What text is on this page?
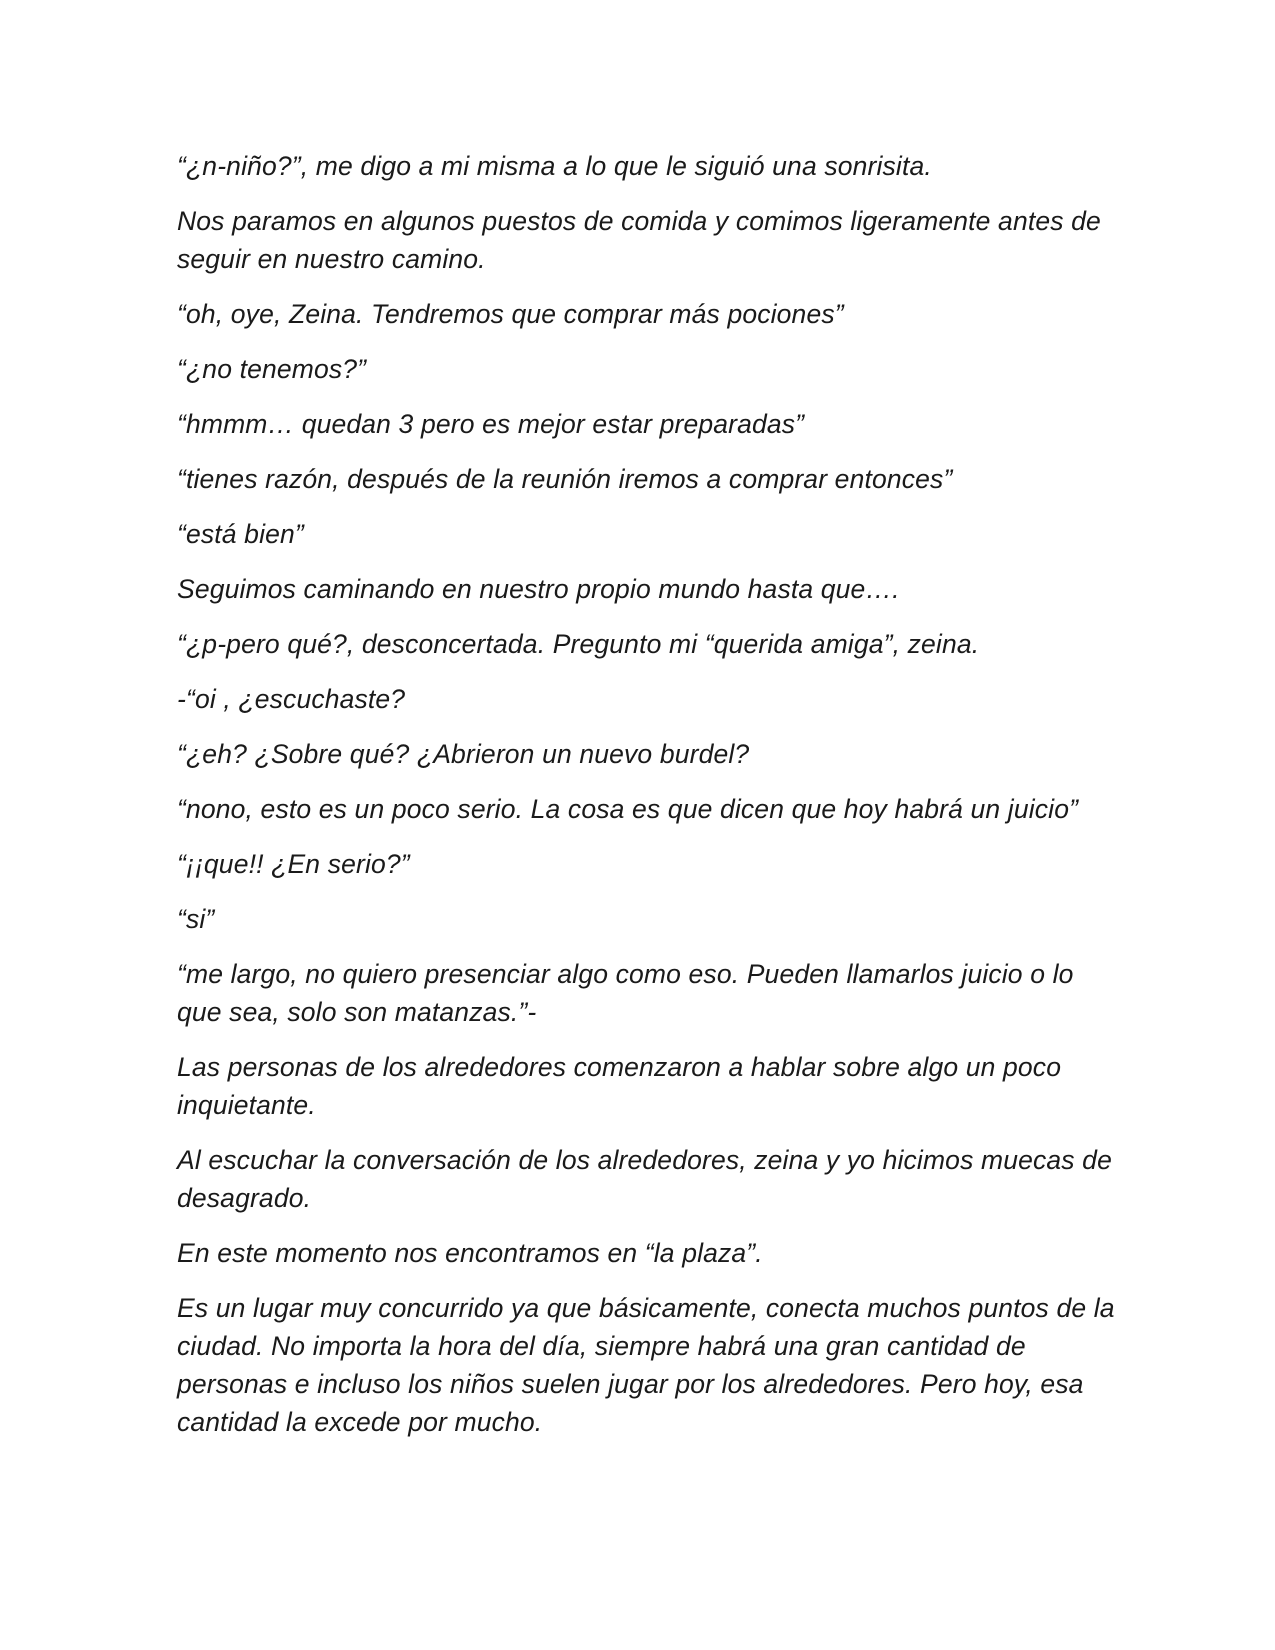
“¿n-niño?”, me digo a mi misma a lo que le siguió una sonrisita.

Nos paramos en algunos puestos de comida y comimos ligeramente antes de seguir en nuestro camino.

“oh, oye, Zeina. Tendremos que comprar más pociones”

“¿no tenemos?”

“hmmm… quedan 3 pero es mejor estar preparadas”

“tienes razón, después de la reunión iremos a comprar entonces”

“está bien”

Seguimos caminando en nuestro propio mundo hasta que….

“¿p-pero qué?, desconcertada. Pregunto mi “querida amiga”, zeina.

-“oi , ¿escuchaste?

“¿eh? ¿Sobre qué? ¿Abrieron un nuevo burdel?

“nono, esto es un poco serio. La cosa es que dicen que hoy habrá un juicio”

“¡¡que!! ¿En serio?”

“si”

“me largo, no quiero presenciar algo como eso. Pueden llamarlos juicio o lo que sea, solo son matanzas.”-

Las personas de los alrededores comenzaron a hablar sobre algo un poco inquietante.

Al escuchar la conversación de los alrededores, zeina y yo hicimos muecas de desagrado.

En este momento nos encontramos en “la plaza”.

Es un lugar muy concurrido ya que básicamente, conecta muchos puntos de la ciudad. No importa la hora del día, siempre habrá una gran cantidad de personas e incluso los niños suelen jugar por los alrededores. Pero hoy, esa cantidad la excede por mucho.
